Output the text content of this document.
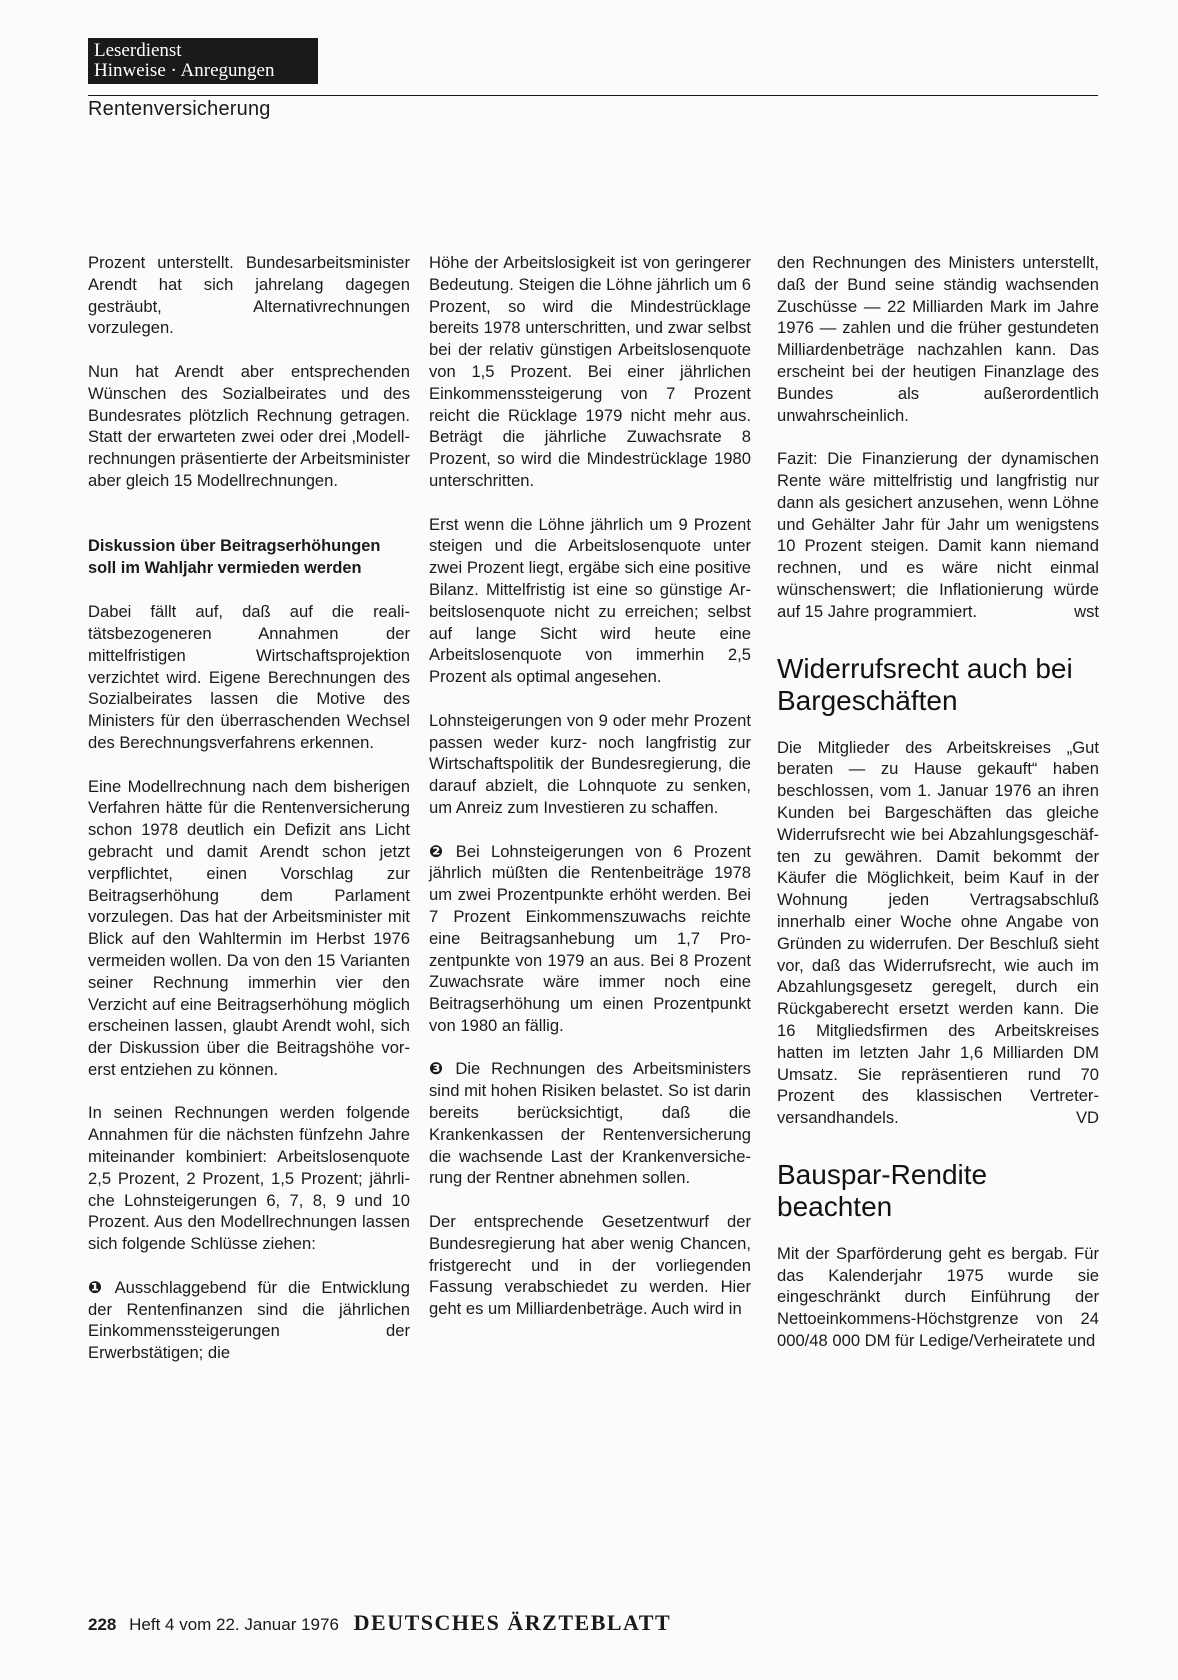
Leserdienst
Hinweise · Anregungen
Rentenversicherung

Prozent unterstellt. Bundesarbeitsminister Arendt hat sich jahrelang dagegen gesträubt, Alternativrechnungen vorzulegen.

Nun hat Arendt aber entsprechenden Wünschen des Sozialbeirates und des Bundesrates plötzlich Rechnung getragen. Statt der erwarteten zwei oder drei ‚Modellrechnungen präsentierte der Arbeitsminister aber gleich 15 Modellrechnungen.

Diskussion über Beitragserhöhungen soll im Wahljahr vermieden werden

Dabei fällt auf, daß auf die realitätsbezogeneren Annahmen der mittelfristigen Wirtschaftsprojektion verzichtet wird. Eigene Berechnungen des Sozialbeirates lassen die Motive des Ministers für den überraschenden Wechsel des Berechnungsverfahrens erkennen.

Eine Modellrechnung nach dem bisherigen Verfahren hätte für die Rentenversicherung schon 1978 deutlich ein Defizit ans Licht gebracht und damit Arendt schon jetzt verpflichtet, einen Vorschlag zur Beitragserhöhung dem Parlament vorzulegen. Das hat der Arbeitsminister mit Blick auf den Wahltermin im Herbst 1976 vermeiden wollen. Da von den 15 Varianten seiner Rechnung immerhin vier den Verzicht auf eine Beitragserhöhung möglich erscheinen lassen, glaubt Arendt wohl, sich der Diskussion über die Beitragshöhe vorerst entziehen zu können.

In seinen Rechnungen werden folgende Annahmen für die nächsten fünfzehn Jahre miteinander kombiniert: Arbeitslosenquote 2,5 Prozent, 2 Prozent, 1,5 Prozent; jährliche Lohnsteigerungen 6, 7, 8, 9 und 10 Prozent. Aus den Modellrechnungen lassen sich folgende Schlüsse ziehen:

❶ Ausschlaggebend für die Entwicklung der Rentenfinanzen sind die jährlichen Einkommenssteigerungen der Erwerbstätigen; die

Höhe der Arbeitslosigkeit ist von geringerer Bedeutung. Steigen die Löhne jährlich um 6 Prozent, so wird die Mindestrücklage bereits 1978 unterschritten, und zwar selbst bei der relativ günstigen Arbeitslosenquote von 1,5 Prozent. Bei einer jährlichen Einkommenssteigerung von 7 Prozent reicht die Rücklage 1979 nicht mehr aus. Beträgt die jährliche Zuwachsrate 8 Prozent, so wird die Mindestrücklage 1980 unterschritten.

Erst wenn die Löhne jährlich um 9 Prozent steigen und die Arbeitslosenquote unter zwei Prozent liegt, ergäbe sich eine positive Bilanz. Mittelfristig ist eine so günstige Arbeitslosenquote nicht zu erreichen; selbst auf lange Sicht wird heute eine Arbeitslosenquote von immerhin 2,5 Prozent als optimal angesehen.

Lohnsteigerungen von 9 oder mehr Prozent passen weder kurz- noch langfristig zur Wirtschaftspolitik der Bundesregierung, die darauf abzielt, die Lohnquote zu senken, um Anreiz zum Investieren zu schaffen.

❷ Bei Lohnsteigerungen von 6 Prozent jährlich müßten die Rentenbeiträge 1978 um zwei Prozentpunkte erhöht werden. Bei 7 Prozent Einkommenszuwachs reichte eine Beitragsanhebung um 1,7 Prozentpunkte von 1979 an aus. Bei 8 Prozent Zuwachsrate wäre immer noch eine Beitragserhöhung um einen Prozentpunkt von 1980 an fällig.

❸ Die Rechnungen des Arbeitsministers sind mit hohen Risiken belastet. So ist darin bereits berücksichtigt, daß die Krankenkassen der Rentenversicherung die wachsende Last der Krankenversicherung der Rentner abnehmen sollen.

Der entsprechende Gesetzentwurf der Bundesregierung hat aber wenig Chancen, fristgerecht und in der vorliegenden Fassung verabschiedet zu werden. Hier geht es um Milliardenbeträge. Auch wird in

den Rechnungen des Ministers unterstellt, daß der Bund seine ständig wachsenden Zuschüsse — 22 Milliarden Mark im Jahre 1976 — zahlen und die früher gestundeten Milliardenbeträge nachzahlen kann. Das erscheint bei der heutigen Finanzlage des Bundes als außerordentlich unwahrscheinlich.

Fazit: Die Finanzierung der dynamischen Rente wäre mittelfristig und langfristig nur dann als gesichert anzusehen, wenn Löhne und Gehälter Jahr für Jahr um wenigstens 10 Prozent steigen. Damit kann niemand rechnen, und es wäre nicht einmal wünschenswert; die Inflationierung würde auf 15 Jahre programmiert.	wst

Widerrufsrecht auch bei Bargeschäften

Die Mitglieder des Arbeitskreises „Gut beraten — zu Hause gekauft“ haben beschlossen, vom 1. Januar 1976 an ihren Kunden bei Bargeschäften das gleiche Widerrufsrecht wie bei Abzahlungsgeschäften zu gewähren. Damit bekommt der Käufer die Möglichkeit, beim Kauf in der Wohnung jeden Vertragsabschluß innerhalb einer Woche ohne Angabe von Gründen zu widerrufen. Der Beschluß sieht vor, daß das Widerrufsrecht, wie auch im Abzahlungsgesetz geregelt, durch ein Rückgaberecht ersetzt werden kann. Die 16 Mitgliedsfirmen des Arbeitskreises hatten im letzten Jahr 1,6 Milliarden DM Umsatz. Sie repräsentieren rund 70 Prozent des klassischen Vertreterversandhandels.	VD

Bauspar-Rendite beachten

Mit der Sparförderung geht es bergab. Für das Kalenderjahr 1975 wurde sie eingeschränkt durch Einführung der Nettoeinkommens-Höchstgrenze von 24 000/48 000 DM für Ledige/Verheiratete und

228 Heft 4 vom 22. Januar 1976 DEUTSCHES ÄRZTEBLATT
